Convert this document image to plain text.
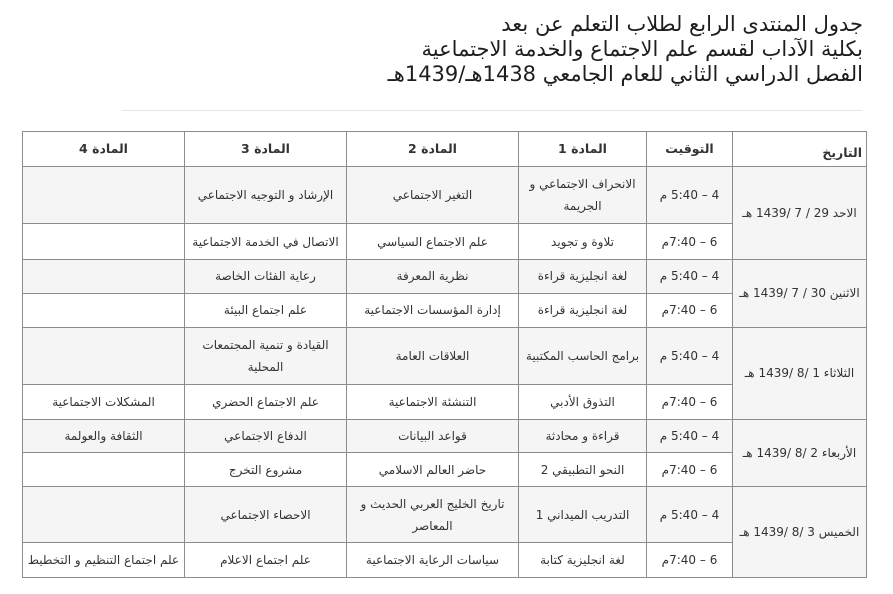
جدول المنتدى الرابع لطلاب التعلم عن بعد
بكلية الآداب لقسم علم الاجتماع والخدمة الاجتماعية
الفصل الدراسي الثاني للعام الجامعي 1438هـ/1439هـ
التاريخ	التوقيت	المادة 1	المادة 2	المادة 3	المادة 4
الاحد 29 / 7 /1439 هـ	4 – 5:40 م	الانحراف الاجتماعي و الجريمة	التغير الاجتماعي	الإرشاد و التوجيه الاجتماعي	
	6 – 7:40م	تلاوة و تجويد	علم الاجتماع السياسي	الاتصال في الخدمة الاجتماعية	
الاثنين 30 / 7 /1439 هـ	4 – 5:40 م	لغة انجليزية قراءة	نظرية المعرفة	رعاية الفئات الخاصة	
	6 – 7:40م	لغة انجليزية قراءة	إدارة المؤسسات الاجتماعية	علم اجتماع البيئة	
الثلاثاء 1 /8 /1439 هـ	4 – 5:40 م	برامج الحاسب المكتبية	العلاقات العامة	القيادة و تنمية المجتمعات المحلية	
	6 – 7:40م	التذوق الأدبي	التنشئة الاجتماعية	علم الاجتماع الحضري	المشكلات الاجتماعية
الأربعاء 2 /8 /1439 هـ	4 – 5:40 م	قراءة و محادثة	قواعد البيانات	الدفاع الاجتماعي	الثقافة والعولمة
	6 – 7:40م	النحو التطبيقي 2	حاضر العالم الاسلامي	مشروع التخرج	
الخميس 3 /8 /1439 هـ	4 – 5:40 م	التدريب الميداني 1	تاريخ الخليج العربي الحديث و المعاصر	الاحصاء الاجتماعي	
	6 – 7:40م	لغة انجليزية كتابة	سياسات الرعاية الاجتماعية	علم اجتماع الاعلام	علم اجتماع التنظيم و التخطيط
